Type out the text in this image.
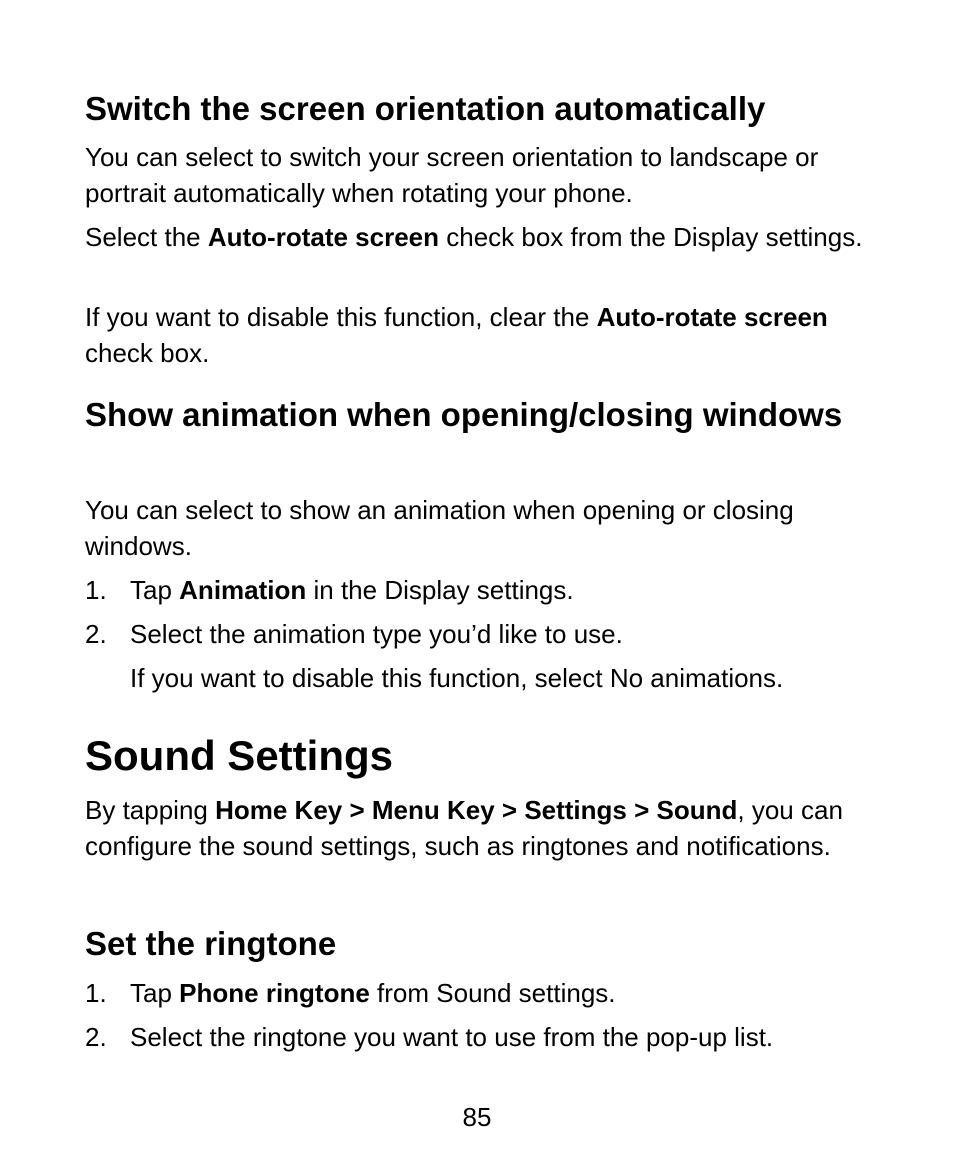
Switch the screen orientation automatically

You can select to switch your screen orientation to landscape or portrait automatically when rotating your phone.

Select the Auto-rotate screen check box from the Display settings.

If you want to disable this function, clear the Auto-rotate screen check box.

Show animation when opening/closing windows

You can select to show an animation when opening or closing windows.

1. Tap Animation in the Display settings.
2. Select the animation type you’d like to use.
If you want to disable this function, select No animations.
Sound Settings

By tapping Home Key > Menu Key > Settings > Sound, you can configure the sound settings, such as ringtones and notifications.

Set the ringtone
1. Tap Phone ringtone from Sound settings.
2. Select the ringtone you want to use from the pop-up list.
85
